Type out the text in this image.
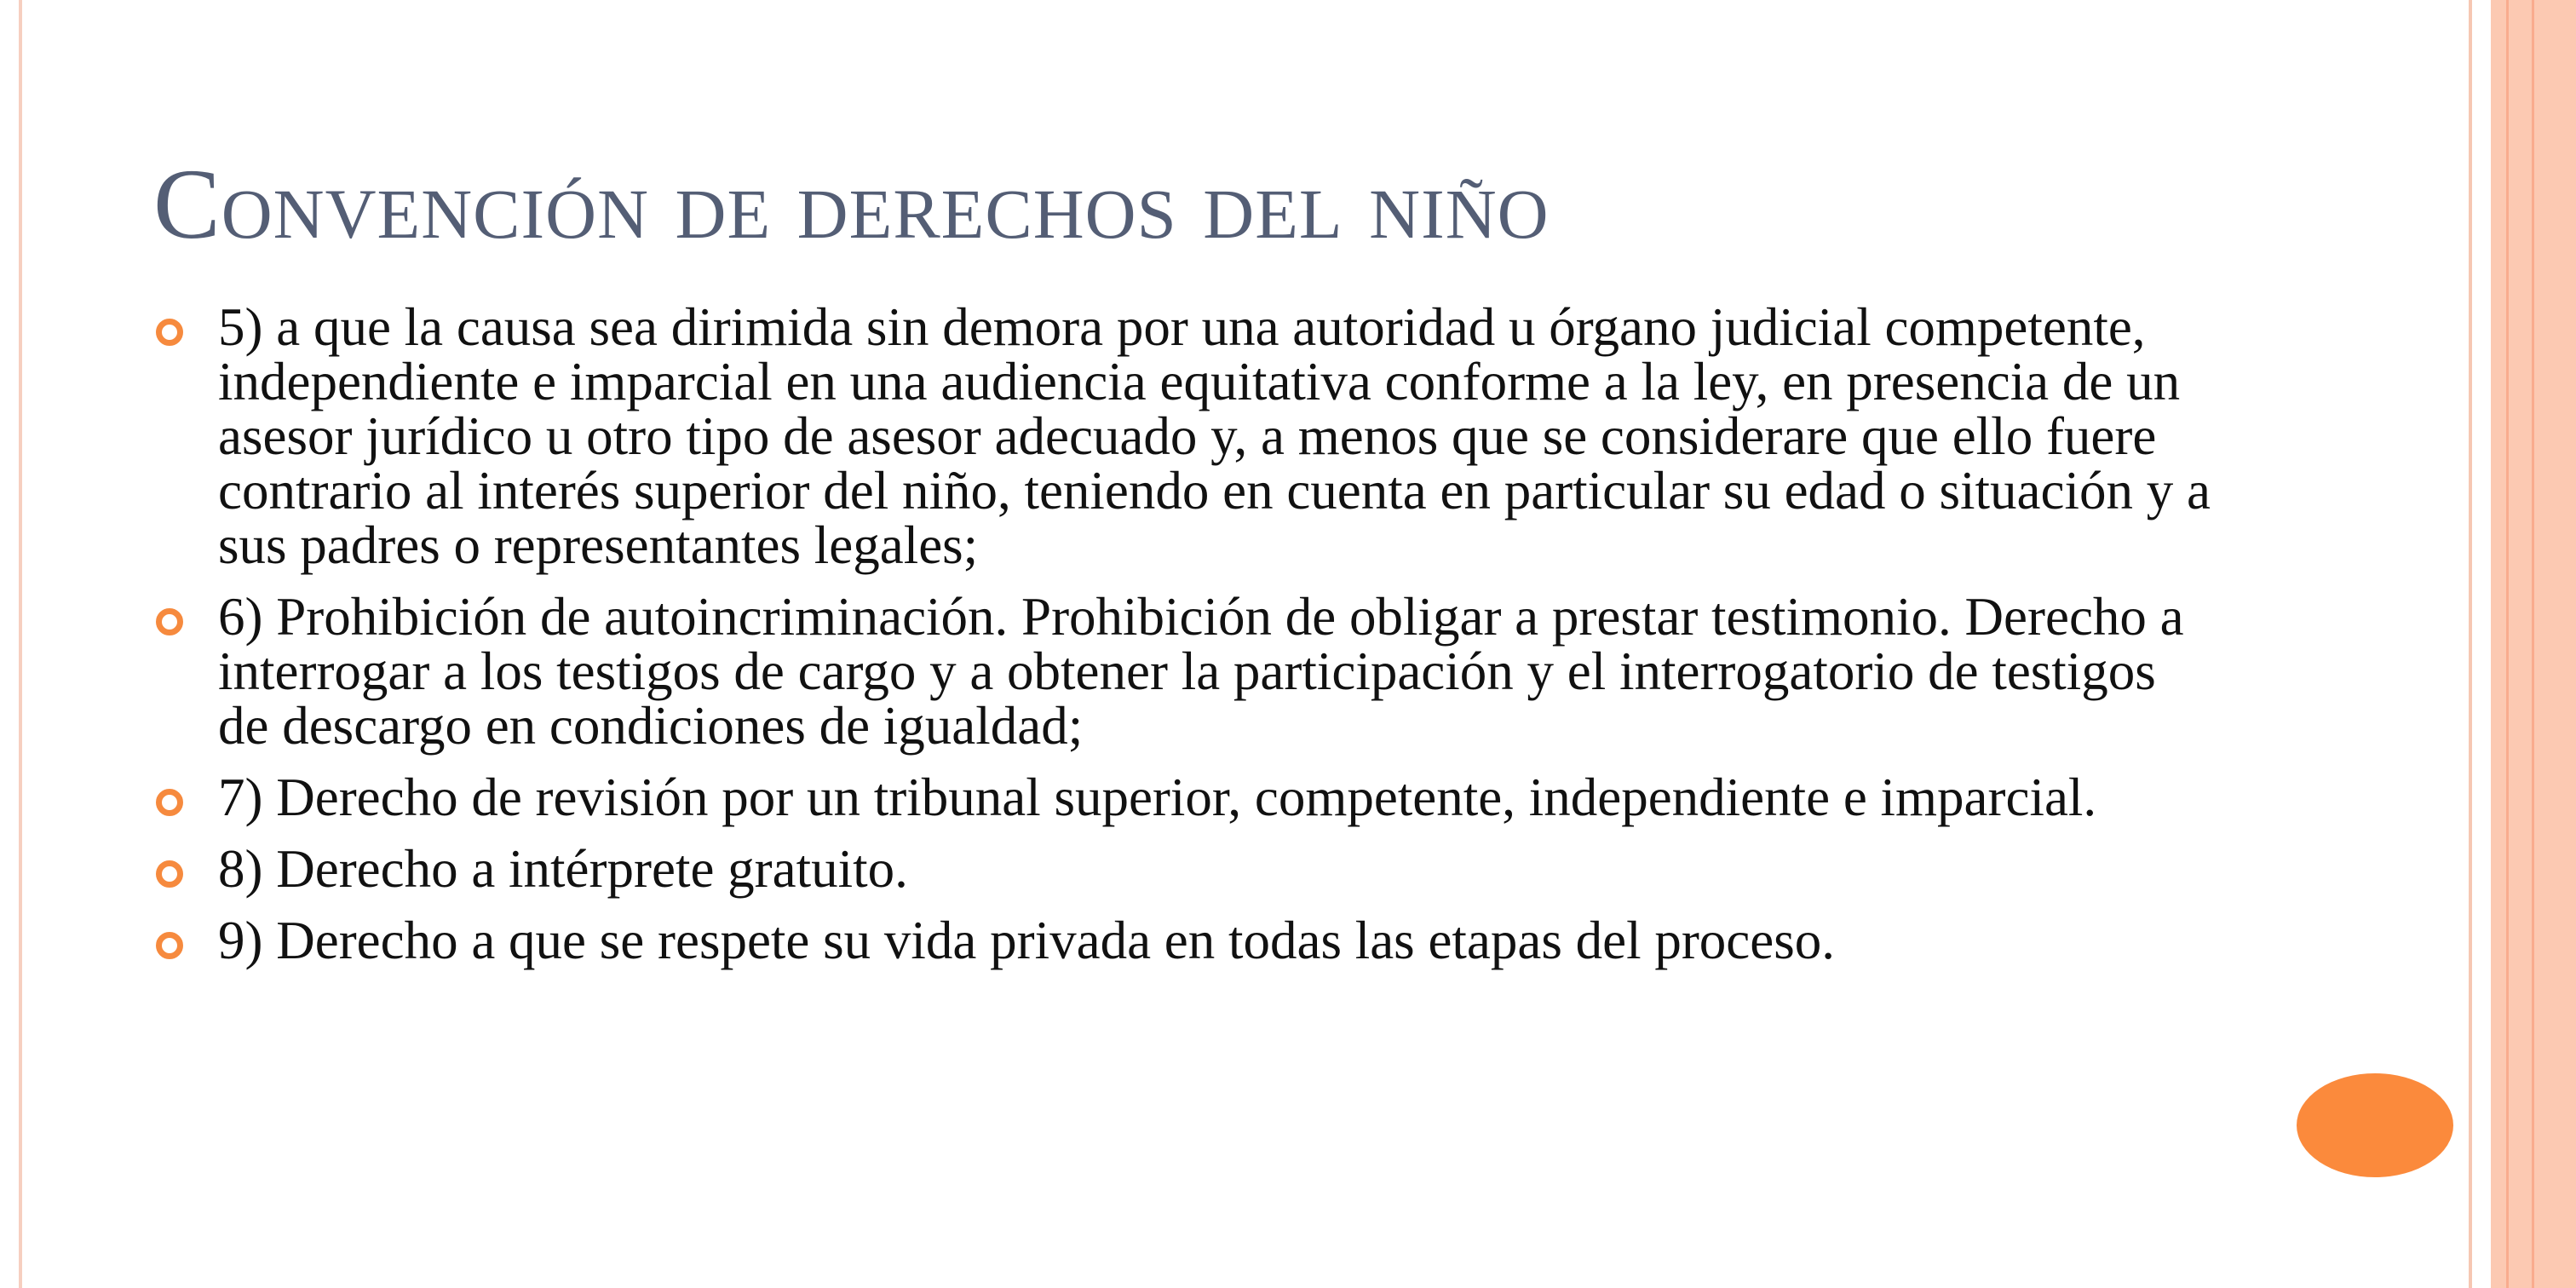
Convención de derechos del niño
5) a que la causa sea dirimida sin demora por una autoridad u órgano judicial competente, independiente e imparcial en una audiencia equitativa conforme a la ley, en presencia de un asesor jurídico u otro tipo de asesor adecuado y, a menos que se considerare que ello fuere contrario al interés superior del niño, teniendo en cuenta en particular su edad o situación y a sus padres o representantes legales;
6) Prohibición de autoincriminación. Prohibición de obligar a prestar testimonio. Derecho a interrogar a los testigos de cargo y a obtener la participación y el interrogatorio de testigos de descargo en condiciones de igualdad;
7) Derecho de revisión por un tribunal superior, competente, independiente e imparcial.
8) Derecho a intérprete gratuito.
9) Derecho a que se respete su vida privada en todas las etapas del proceso.
